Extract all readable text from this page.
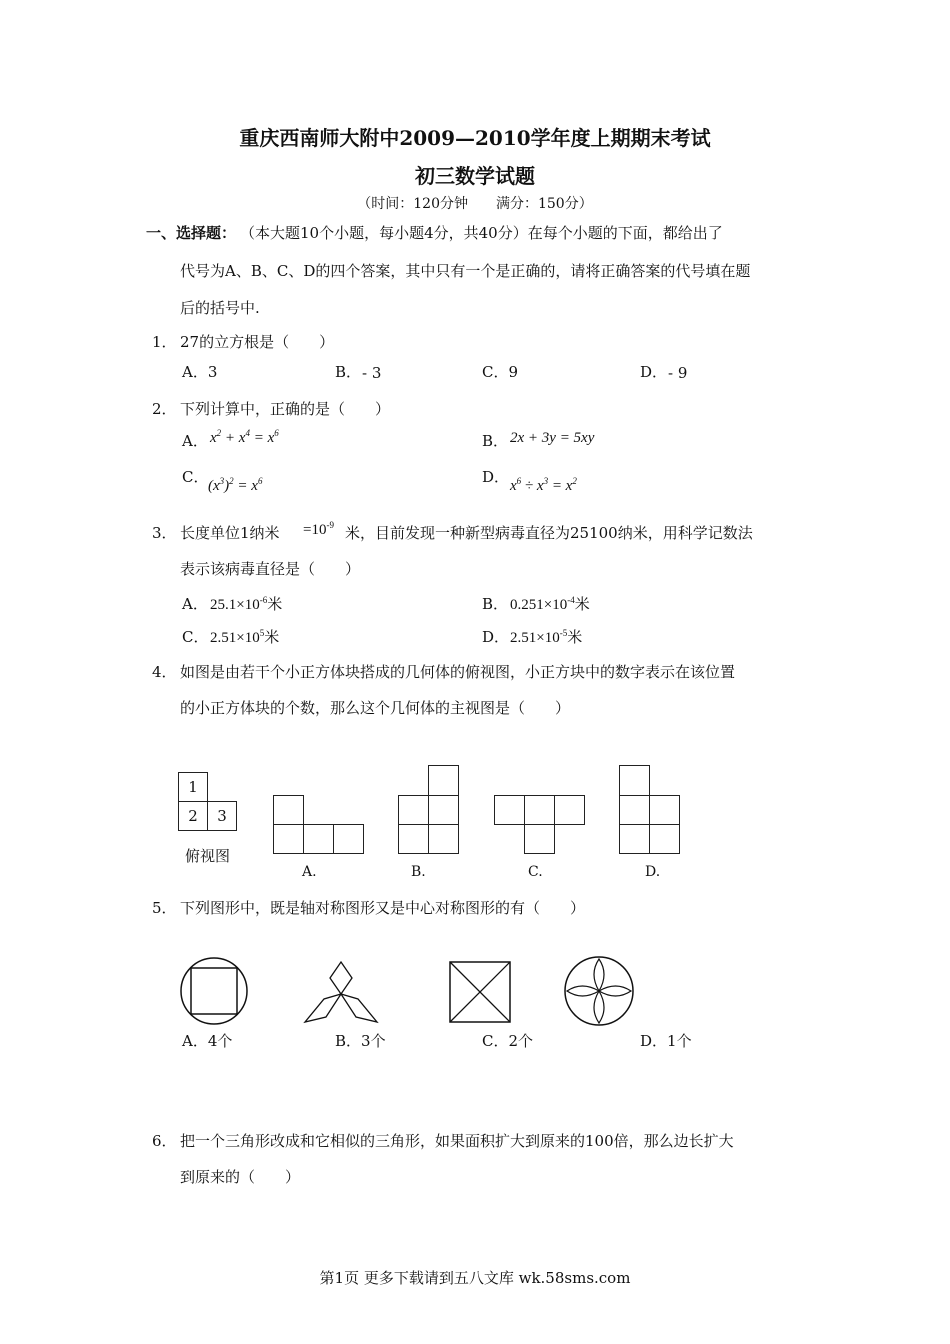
重庆西南师大附中2009—2010学年度上期期末考试
初三数学试题
（时间：120分钟　　满分：150分）
一、选择题： （本大题10个小题，每小题4分，共40分）在每个小题的下面，都给出了
代号为A、B、C、D的四个答案，其中只有一个是正确的，请将正确答案的代号填在题
后的括号中.
1． 27的立方根是（　　）
A．3	B． - 3	C．9	D． - 9
2． 下列计算中，正确的是（　　）
A． $x^2 + x^4 = x^6$	B． 2x + 3y = 5xy
C． $(x^3)^2 = x^6$	D． $x^6 \div x^3 = x^2$
3． 长度单位1纳米 $=10^{-9}$ 米，目前发现一种新型病毒直径为25100纳米，用科学记数法
表示该病毒直径是（　　）
A． $25.1\times 10^{-6}$米	B． $0.251\times 10^{-4}$米
C． $2.51\times 10^5$米	D． $2.51\times 10^{-5}$米
4． 如图是由若干个小正方体块搭成的几何体的俯视图，小正方块中的数字表示在该位置
的小正方体块的个数，那么这个几何体的主视图是（　　）
1
2	3
俯视图
A.	B.	C.	D.
5． 下列图形中，既是轴对称图形又是中心对称图形的有（　　）
A．4个	B．3个	C．2个	D．1个
6． 把一个三角形改成和它相似的三角形，如果面积扩大到原来的100倍，那么边长扩大
到原来的（　　）
第1页 更多下载请到五八文库 wk.58sms.com
